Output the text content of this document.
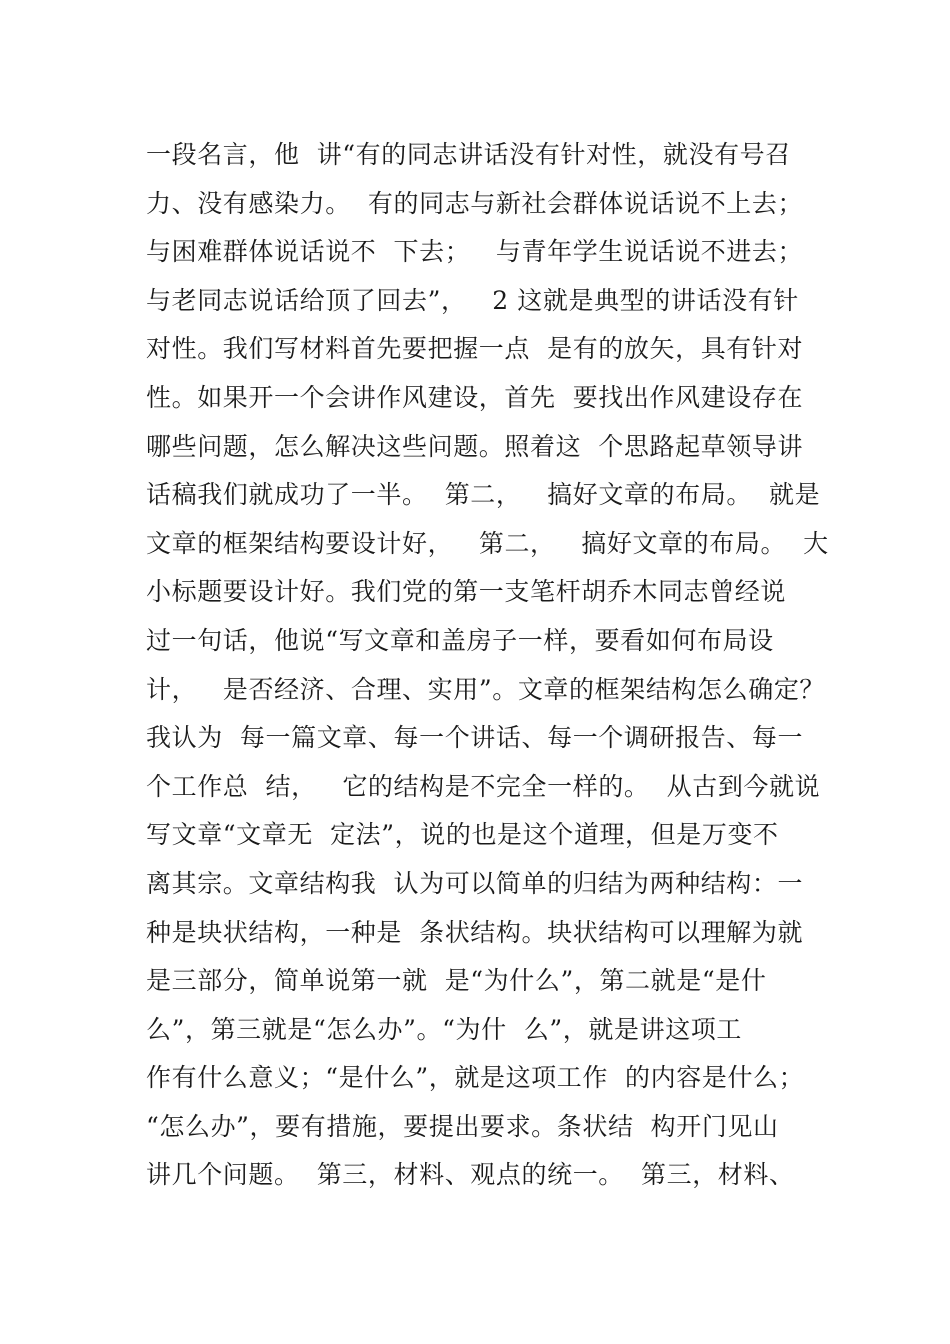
一段名言，他  讲“有的同志讲话没有针对性，就没有号召
力、没有感染力。  有的同志与新社会群体说话说不上去；
与困难群体说话说不  下去；   与青年学生说话说不进去；
与老同志说话给顶了回去”，   2 这就是典型的讲话没有针
对性。我们写材料首先要把握一点  是有的放矢，具有针对
性。如果开一个会讲作风建设，首先  要找出作风建设存在
哪些问题，怎么解决这些问题。照着这  个思路起草领导讲
话稿我们就成功了一半。  第二，   搞好文章的布局。  就是
文章的框架结构要设计好，   第二，   搞好文章的布局。  大
小标题要设计好。我们党的第一支笔杆胡乔木同志曾经说
过一句话，他说“写文章和盖房子一样，要看如何布局设
计，   是否经济、合理、实用”。文章的框架结构怎么确定？
我认为  每一篇文章、每一个讲话、每一个调研报告、每一
个工作总  结，   它的结构是不完全一样的。  从古到今就说
写文章“文章无  定法”，说的也是这个道理，但是万变不
离其宗。文章结构我  认为可以简单的归结为两种结构：一
种是块状结构，一种是  条状结构。块状结构可以理解为就
是三部分，简单说第一就  是“为什么”，第二就是“是什
么”，第三就是“怎么办”。“为什  么”，就是讲这项工
作有什么意义；“是什么”，就是这项工作  的内容是什么；
“怎么办”，要有措施，要提出要求。条状结  构开门见山
讲几个问题。  第三，材料、观点的统一。  第三，材料、
